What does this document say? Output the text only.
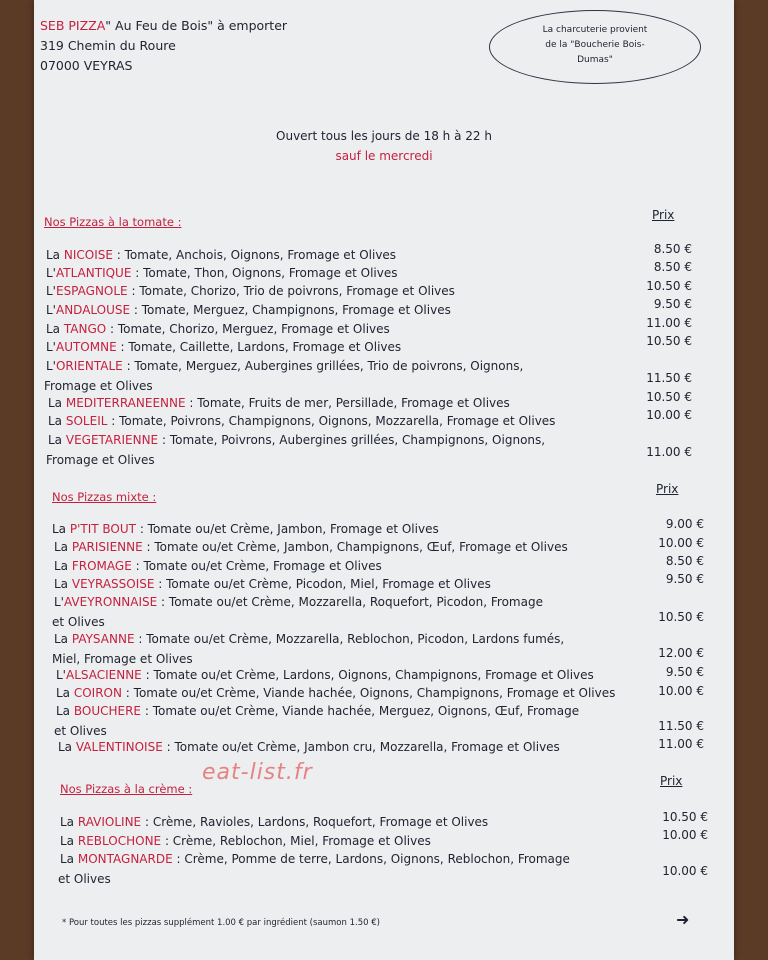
SEB PIZZA" Au Feu de Bois" à emporter
319 Chemin du Roure
07000 VEYRAS
La charcuterie provient
de la "Boucherie Bois-
Dumas"
Ouvert tous les jours de 18 h à 22 h
sauf le mercredi
Nos Pizzas à la tomate :	Prix
Nos Pizzas mixte :
Prix
Nos Pizzas à la crème :
Prix
eat-list.fr
* Pour toutes les pizzas supplément 1.00 € par ingrédient (saumon 1.50 €)	➜
La NICOISE : Tomate, Anchois, Oignons, Fromage et Olives	8.50 €
L'ATLANTIQUE : Tomate, Thon, Oignons, Fromage et Olives	8.50 €
L'ESPAGNOLE : Tomate, Chorizo, Trio de poivrons, Fromage et Olives	10.50 €
L'ANDALOUSE : Tomate, Merguez, Champignons, Fromage et Olives	9.50 €
La TANGO : Tomate, Chorizo, Merguez, Fromage et Olives	11.00 €
L'AUTOMNE : Tomate, Caillette, Lardons, Fromage et Olives	10.50 €
L'ORIENTALE : Tomate, Merguez, Aubergines grillées, Trio de poivrons, Oignons,
Fromage et Olives
11.50 €
La MEDITERRANEENNE : Tomate, Fruits de mer, Persillade, Fromage et Olives	10.50 €
La SOLEIL : Tomate, Poivrons, Champignons, Oignons, Mozzarella, Fromage et Olives	10.00 €
La VEGETARIENNE : Tomate, Poivrons, Aubergines grillées, Champignons, Oignons,
Fromage et Olives
11.00 €
La P'TIT BOUT : Tomate ou/et Crème, Jambon, Fromage et Olives	9.00 €
La PARISIENNE : Tomate ou/et Crème, Jambon, Champignons, Œuf, Fromage et Olives	10.00 €
La FROMAGE : Tomate ou/et Crème, Fromage et Olives	8.50 €
La VEYRASSOISE : Tomate ou/et Crème, Picodon, Miel, Fromage et Olives	9.50 €
L'AVEYRONNAISE : Tomate ou/et Crème, Mozzarella, Roquefort, Picodon, Fromage
et Olives	10.50 €
La PAYSANNE : Tomate ou/et Crème, Mozzarella, Reblochon, Picodon, Lardons fumés,
Miel, Fromage et Olives	12.00 €
L'ALSACIENNE : Tomate ou/et Crème, Lardons, Oignons, Champignons, Fromage et Olives	9.50 €
La COIRON : Tomate ou/et Crème, Viande hachée, Oignons, Champignons, Fromage et Olives	10.00 €
La BOUCHERE : Tomate ou/et Crème, Viande hachée, Merguez, Oignons, Œuf, Fromage
et Olives	11.50 €
La VALENTINOISE : Tomate ou/et Crème, Jambon cru, Mozzarella, Fromage et Olives	11.00 €
La RAVIOLINE : Crème, Ravioles, Lardons, Roquefort, Fromage et Olives	10.50 €
La REBLOCHONE : Crème, Reblochon, Miel, Fromage et Olives	10.00 €
La MONTAGNARDE : Crème, Pomme de terre, Lardons, Oignons, Reblochon, Fromage
et Olives
10.00 €
